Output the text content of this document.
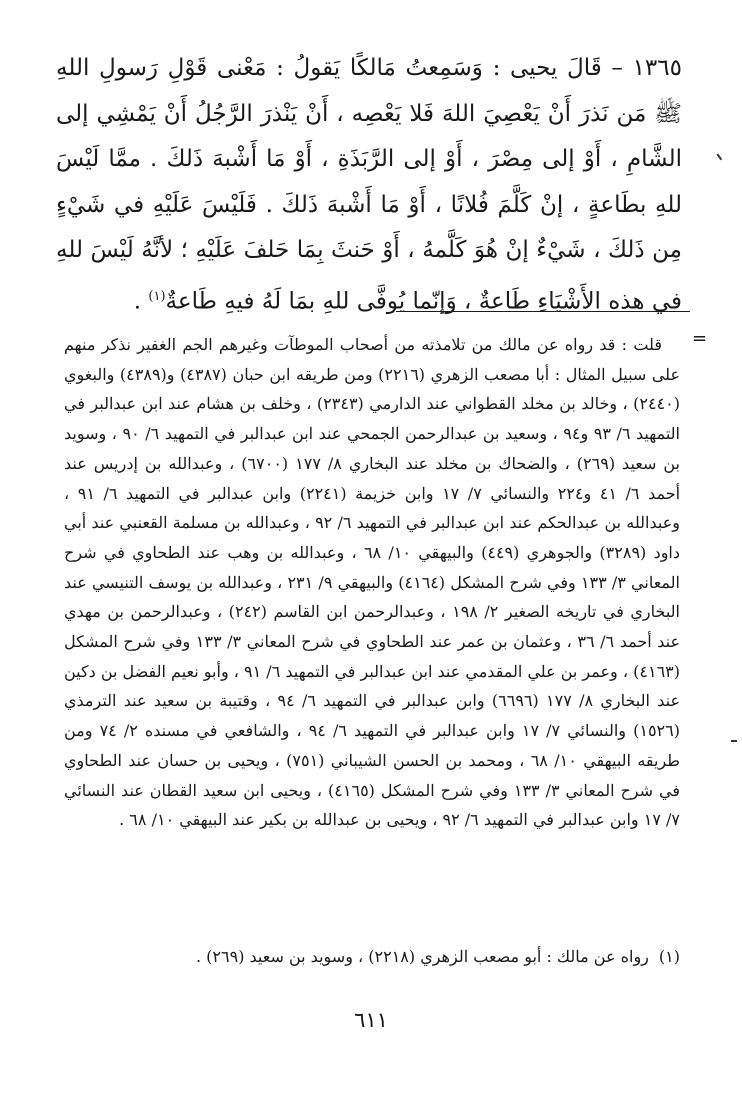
١٣٦٥ – قَالَ يحيى : وَسَمِعتُ مَالكًا يَقولُ : مَعْنى قَوْلِ رَسولِ اللهِ ﷺ مَن نَذرَ أَنْ يَعْصِيَ اللهَ فَلا يَعْصِه ، أَنْ يَنْذرَ الرَّجُلُ أَنْ يَمْشِي إلى الشَّامِ ، أَوْ إلى مِصْرَ ، أَوْ إلى الرَّبَذَةِ ، أَوْ مَا أَشْبهَ ذَلكَ . ممَّا لَيْسَ للهِ بطَاعةٍ ، إنْ كَلَّمَ فُلانًا ، أَوْ مَا أَشْبهَ ذَلكَ . فَلَيْسَ عَلَيْهِ في شَيْءٍ مِن ذَلكَ ، شَيْءٌ إنْ هُوَ كَلَّمهُ ، أَوْ حَنثَ بِمَا حَلفَ عَلَيْهِ ؛ لأنَّهُ لَيْسَ للهِ في هذه الأَشْيَاءِ طَاعةٌ ، وَإنّما يُوفَّى للهِ بمَا لَهُ فيهِ طَاعةٌ$^{(١)}$ .

=

قلت : قد رواه عن مالك من تلامذته من أصحاب الموطآت وغيرهم الجم الغفير نذكر منهم على سبيل المثال : أبا مصعب الزهري (٢٢١٦) ومن طريقه ابن حبان (٤٣٨٧) و(٤٣٨٩) والبغوي (٢٤٤٠) ، وخالد بن مخلد القطواني عند الدارمي (٢٣٤٣) ، وخلف بن هشام عند ابن عبدالبر في التمهيد ٦/ ٩٣ و٩٤ ، وسعيد بن عبدالرحمن الجمحي عند ابن عبدالبر في التمهيد ٦/ ٩٠ ، وسويد بن سعيد (٢٦٩) ، والضحاك بن مخلد عند البخاري ٨/ ١٧٧ (٦٧٠٠) ، وعبدالله بن إدريس عند أحمد ٦/ ٤١ و٢٢٤ والنسائي ٧/ ١٧ وابن خزيمة (٢٢٤١) وابن عبدالبر في التمهيد ٦/ ٩١ ، وعبدالله بن عبدالحكم عند ابن عبدالبر في التمهيد ٦/ ٩٢ ، وعبدالله بن مسلمة القعنبي عند أبي داود (٣٢٨٩) والجوهري (٤٤٩) والبيهقي ١٠/ ٦٨ ، وعبدالله بن وهب عند الطحاوي في شرح المعاني ٣/ ١٣٣ وفي شرح المشكل (٤١٦٤) والبيهقي ٩/ ٢٣١ ، وعبدالله بن يوسف التنيسي عند البخاري في تاريخه الصغير ٢/ ١٩٨ ، وعبدالرحمن ابن القاسم (٢٤٢) ، وعبدالرحمن بن مهدي عند أحمد ٦/ ٣٦ ، وعثمان بن عمر عند الطحاوي في شرح المعاني ٣/ ١٣٣ وفي شرح المشكل (٤١٦٣) ، وعمر بن علي المقدمي عند ابن عبدالبر في التمهيد ٦/ ٩١ ، وأبو نعيم الفضل بن دكين عند البخاري ٨/ ١٧٧ (٦٦٩٦) وابن عبدالبر في التمهيد ٦/ ٩٤ ، وقتيبة بن سعيد عند الترمذي (١٥٢٦) والنسائي ٧/ ١٧ وابن عبدالبر في التمهيد ٦/ ٩٤ ، والشافعي في مسنده ٢/ ٧٤ ومن طريقه البيهقي ١٠/ ٦٨ ، ومحمد بن الحسن الشيباني (٧٥١) ، ويحيى بن حسان عند الطحاوي في شرح المعاني ٣/ ١٣٣ وفي شرح المشكل (٤١٦٥) ، ويحيى ابن سعيد القطان عند النسائي ٧/ ١٧ وابن عبدالبر في التمهيد ٦/ ٩٢ ، ويحيى بن عبدالله بن بكير عند البيهقي ١٠/ ٦٨ .

(١)رواه عن مالك : أبو مصعب الزهري (٢٢١٨) ، وسويد بن سعيد (٢٦٩) .
٦١١
